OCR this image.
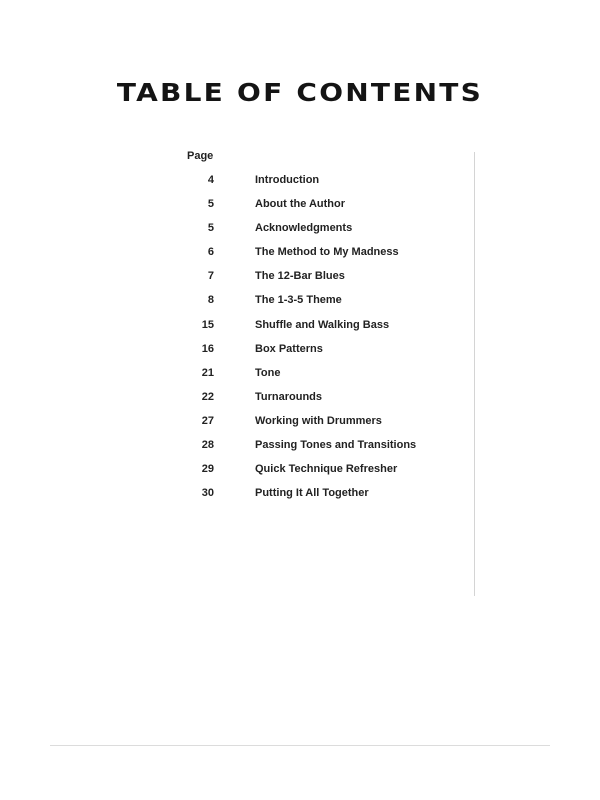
TABLE OF CONTENTS
Page
4	Introduction
5	About the Author
5	Acknowledgments
6	The Method to My Madness
7	The 12-Bar Blues
8	The 1-3-5 Theme
15	Shuffle and Walking Bass
16	Box Patterns
21	Tone
22	Turnarounds
27	Working with Drummers
28	Passing Tones and Transitions
29	Quick Technique Refresher
30	Putting It All Together
